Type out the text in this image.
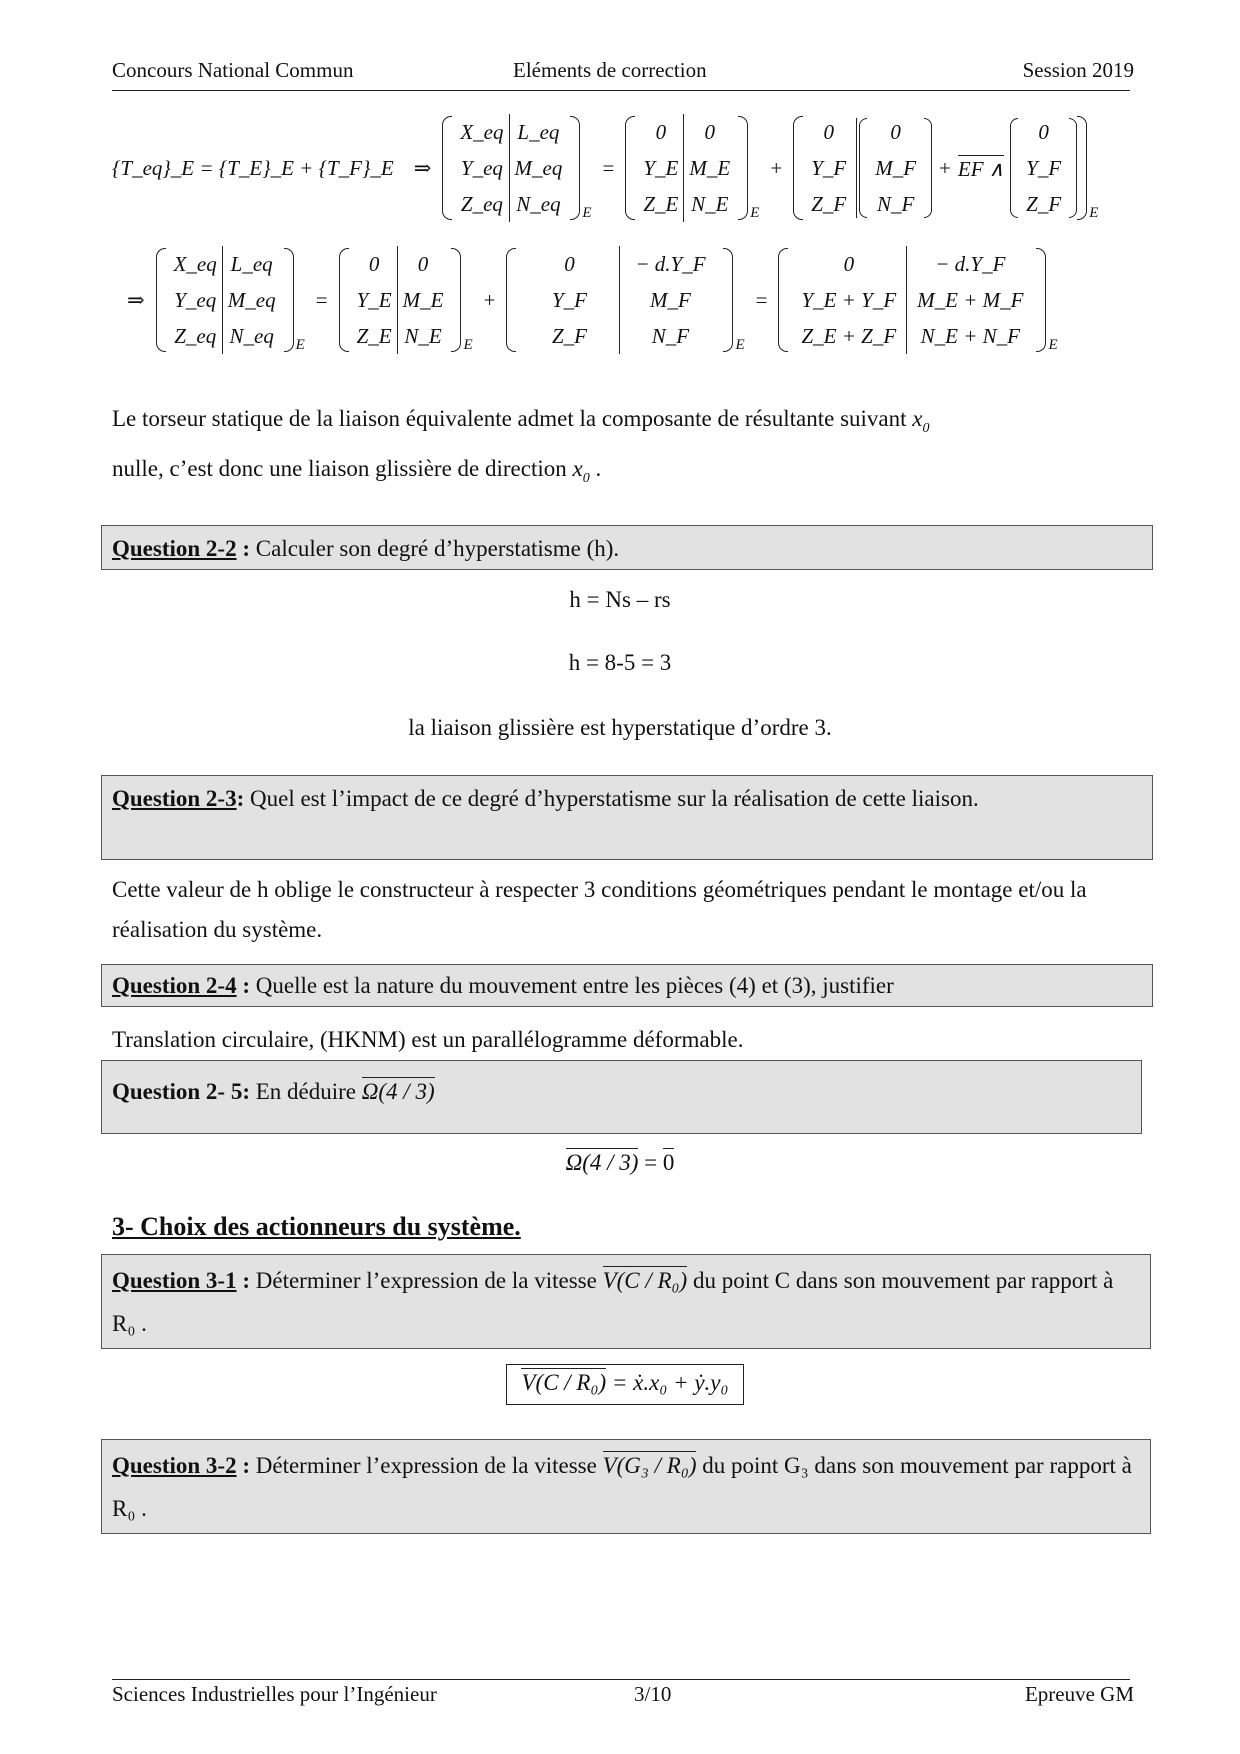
Concours National Commun	Eléments de correction	Session 2019
{T_eq}_E = {T_E}_E + {T_F}_E ⇒
X_eq L_eq
Y_eq M_eq
Z_eq N_eq	E
=
0	0
Y_E M_E
Z_E N_E	E
+
0
Y_F
Z_F
0
M_F
N_F
+ EF ∧
0
Y_F
Z_F	E
⇒
X_eq L_eq
Y_eq M_eq
Z_eq N_eq	E
=
0	0
Y_E M_E
Z_E N_E	E
+
0	− d.Y_F
Y_F	M_F
Z_F	N_F	E
=
0	− d.Y_F
Y_E + Y_F	M_E + M_F
Z_E + Z_F	N_E + N_F	E
Le torseur statique de la liaison équivalente admet la composante de résultante suivant $x_0$
nulle, c’est donc une liaison glissière de direction $x_0$ .
Question 2-2 : Calculer son degré d’hyperstatisme (h).
h = Ns – rs
h = 8-5 = 3
la liaison glissière est hyperstatique d’ordre 3.
Question 2-3: Quel est l’impact de ce degré d’hyperstatisme sur la réalisation de cette liaison.
Cette valeur de h oblige le constructeur à respecter 3 conditions géométriques pendant le montage et/ou la réalisation du système.
Question 2-4 : Quelle est la nature du mouvement entre les pièces (4) et (3), justifier
Translation circulaire, (HKNM) est un parallélogramme déformable.
Question 2- 5: En déduire Ω(4 / 3)
Ω(4 / 3) = 0
3- Choix des actionneurs du système.
Question 3-1 : Déterminer l’expression de la vitesse V(C / R₀) du point C dans son mouvement par rapport à R₀ .
V(C / R₀) = ẋ.x₀ + ẏ.y₀
Question 3-2 : Déterminer l’expression de la vitesse V(G₃ / R₀) du point G₃ dans son mouvement par rapport à R₀ .
Sciences Industrielles pour l’Ingénieur	3/10	Epreuve GM
